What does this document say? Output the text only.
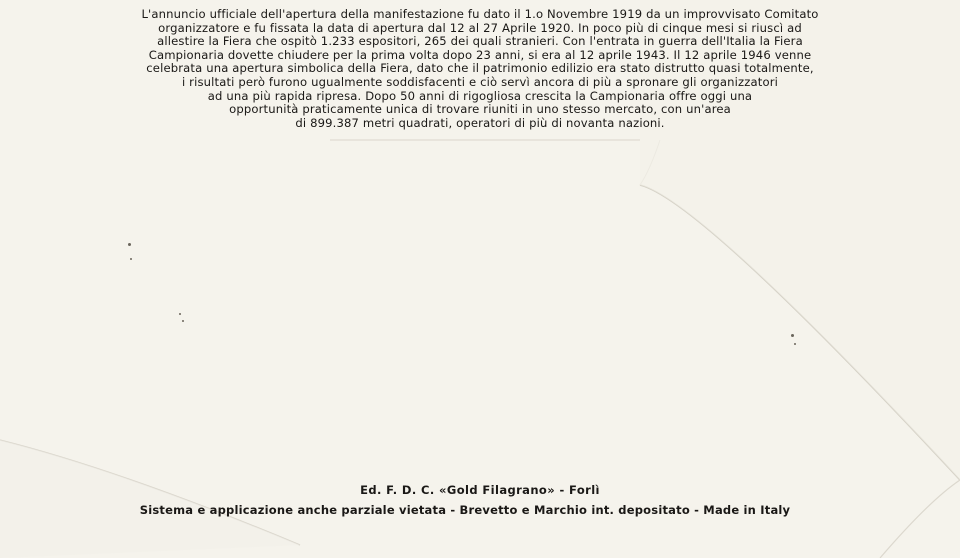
L'annuncio ufficiale dell'apertura della manifestazione fu dato il 1.o Novembre 1919 da un improvvisato Comitato
organizzatore e fu fissata la data di apertura dal 12 al 27 Aprile 1920. In poco più di cinque mesi si riuscì ad
allestire la Fiera che ospitò 1.233 espositori, 265 dei quali stranieri. Con l'entrata in guerra dell'Italia la Fiera
Campionaria dovette chiudere per la prima volta dopo 23 anni, si era al 12 aprile 1943. Il 12 aprile 1946 venne
celebrata una apertura simbolica della Fiera, dato che il patrimonio edilizio era stato distrutto quasi totalmente,
i risultati però furono ugualmente soddisfacenti e ciò servì ancora di più a spronare gli organizzatori
ad una più rapida ripresa. Dopo 50 anni di rigogliosa crescita la Campionaria offre oggi una
opportunità praticamente unica di trovare riuniti in uno stesso mercato, con un'area
di 899.387 metri quadrati, operatori di più di novanta nazioni.
Ed. F. D. C. «Gold Filagrano» - Forlì
Sistema e applicazione anche parziale vietata - Brevetto e Marchio int. depositato - Made in Italy
